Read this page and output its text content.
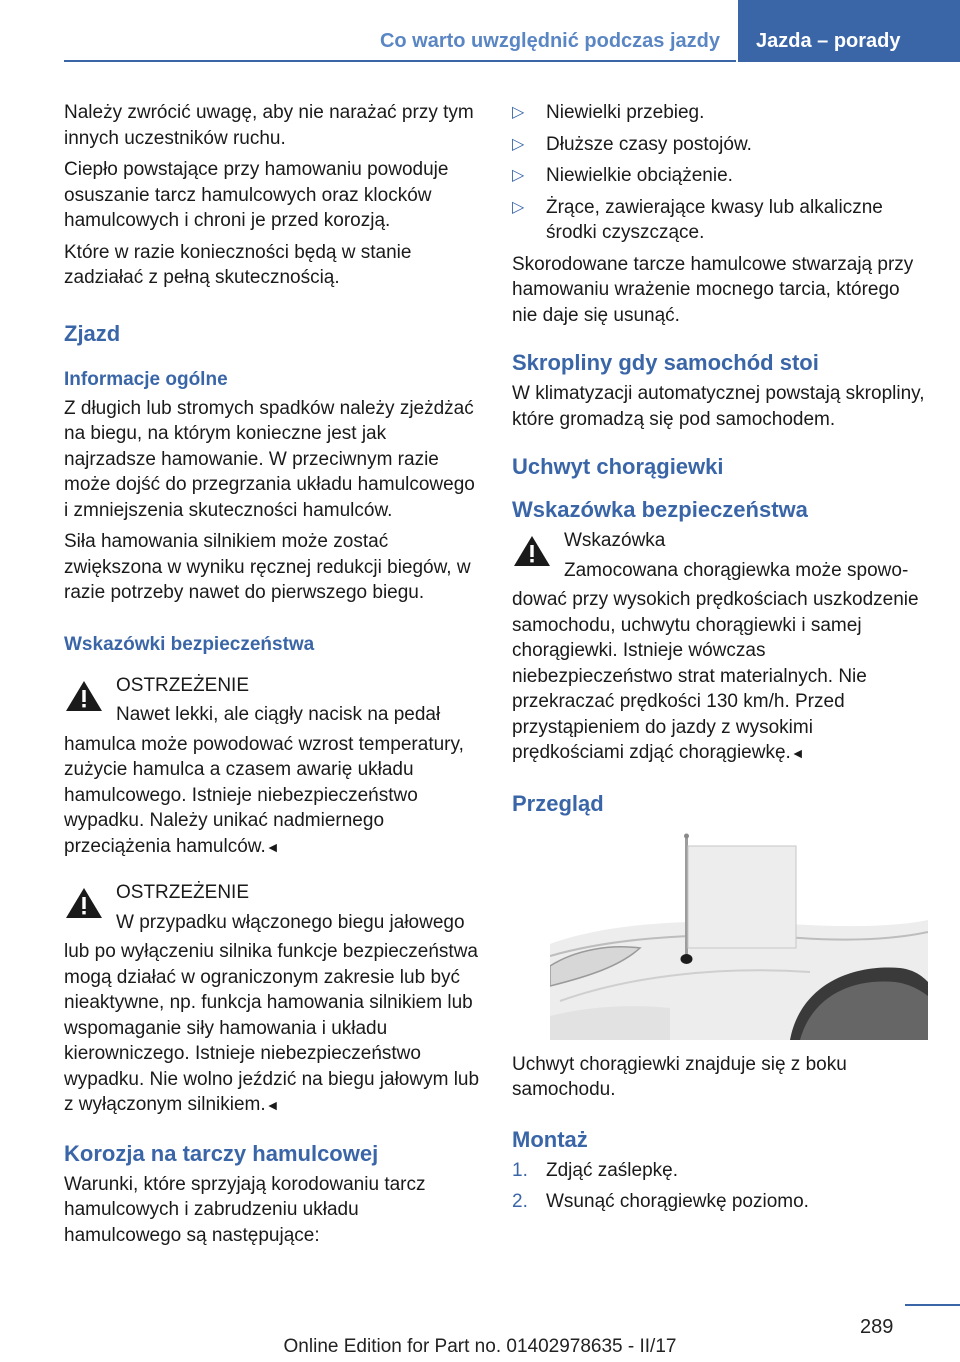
Co warto uwzględnić podczas jazdy	Jazda – porady

Należy zwrócić uwagę, aby nie narażać przy tym innych uczestników ruchu.

Ciepło powstające przy hamowaniu powoduje osuszanie tarcz hamulcowych oraz klocków hamulcowych i chroni je przed korozją.

Które w razie konieczności będą w stanie zadziałać z pełną skutecznością.

Zjazd
Informacje ogólne

Z długich lub stromych spadków należy zjeżdżać na biegu, na którym konieczne jest jak najrzadsze hamowanie. W przeciwnym razie może dojść do przegrzania układu hamulcowego i zmniejszenia skuteczności hamulców.

Siła hamowania silnikiem może zostać zwiększona w wyniku ręcznej redukcji biegów, w razie potrzeby nawet do pierwszego biegu.

Wskazówki bezpieczeństwa

OSTRZEŻENIE

Nawet lekki, ale ciągły nacisk na pedał

hamulca może powodować wzrost temperatury, zużycie hamulca a czasem awarię układu hamulcowego. Istnieje niebezpieczeństwo wypadku. Należy unikać nadmiernego przeciążenia hamulców.◄

OSTRZEŻENIE

W przypadku włączonego biegu jałowego

lub po wyłączeniu silnika funkcje bezpieczeństwa mogą działać w ograniczonym zakresie lub być nieaktywne, np. funkcja hamowania silnikiem lub wspomaganie siły hamowania i układu kierowniczego. Istnieje niebezpieczeństwo wypadku. Nie wolno jeździć na biegu jałowym lub z wyłączonym silnikiem.◄

Korozja na tarczy hamulcowej

Warunki, które sprzyjają korodowaniu tarcz hamulcowych i zabrudzeniu układu hamulcowego są następujące:

▷ Niewielki przebieg.
▷ Dłuższe czasy postojów.
▷ Niewielkie obciążenie.
▷ Żrące, zawierające kwasy lub alkaliczne środki czyszczące.

Skorodowane tarcze hamulcowe stwarzają przy hamowaniu wrażenie mocnego tarcia, którego nie daje się usunąć.

Skropliny gdy samochód stoi

W klimatyzacji automatycznej powstają skropliny, które gromadzą się pod samochodem.

Uchwyt chorągiewki
Wskazówka bezpieczeństwa

Wskazówka

Zamocowana chorągiewka może spowo-

dować przy wysokich prędkościach uszkodzenie samochodu, uchwytu chorągiewki i samej chorągiewki. Istnieje wówczas niebezpieczeństwo strat materialnych. Nie przekraczać prędkości 130 km/h. Przed przystąpieniem do jazdy z wysokimi prędkościami zdjąć chorągiewkę.◄

Przegląd

Uchwyt chorągiewki znajduje się z boku samochodu.

Montaż
1. Zdjąć zaślepkę.
2. Wsunąć chorągiewkę poziomo.
289
Online Edition for Part no. 01402978635 - II/17
